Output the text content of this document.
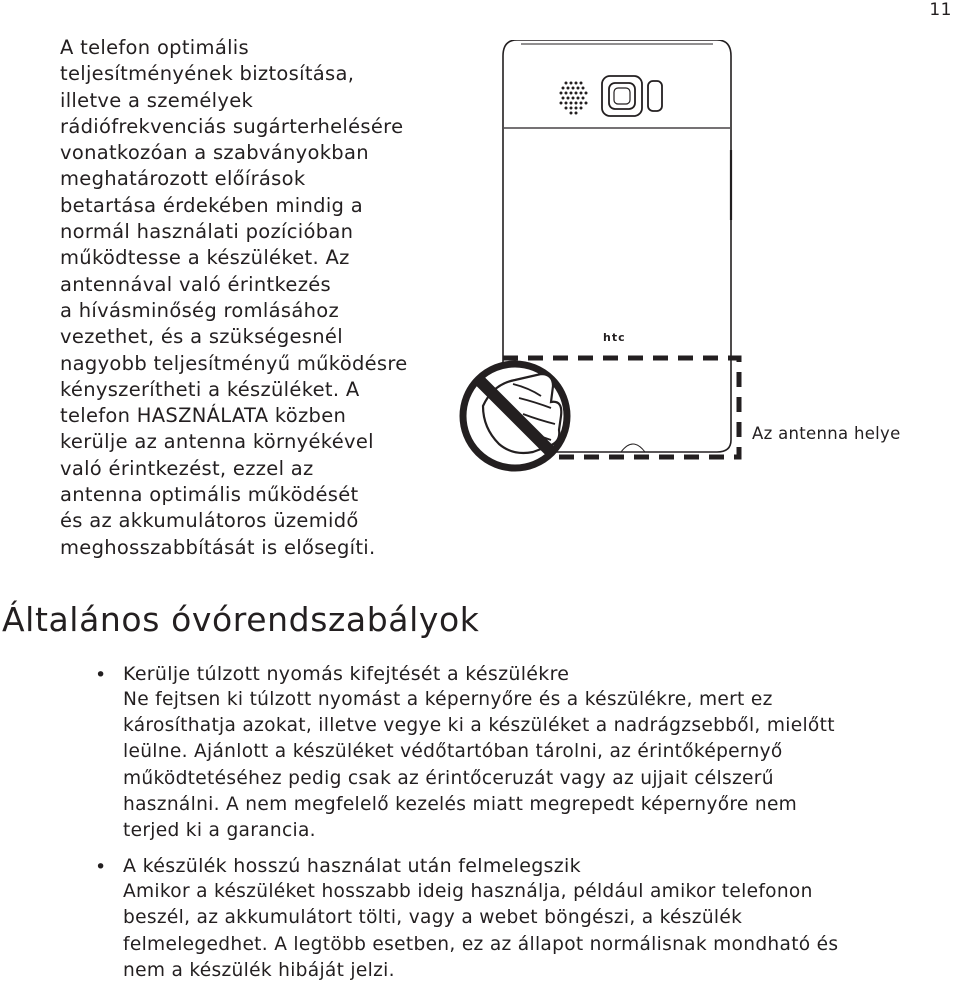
11

A telefon optimális
teljesítményének biztosítása,
illetve a személyek
rádiófrekvenciás sugárterhelésére
vonatkozóan a szabványokban
meghatározott előírások
betartása érdekében mindig a
normál használati pozícióban
működtesse a készüléket. Az
antennával való érintkezés
a hívásminőség romlásához
vezethet, és a szükségesnél
nagyobb teljesítményű működésre
kényszerítheti a készüléket. A
telefon HASZNÁLATA közben
kerülje az antenna környékével
való érintkezést, ezzel az
antenna optimális működését
és az akkumulátoros üzemidő
meghosszabbítását is elősegíti.

htc
Az antenna helye
Általános óvórendszabályok
• Kerülje túlzott nyomás kifejtését a készülékre
Ne fejtsen ki túlzott nyomást a képernyőre és a készülékre, mert ez
károsíthatja azokat, illetve vegye ki a készüléket a nadrágzsebből, mielőtt
leülne. Ajánlott a készüléket védőtartóban tárolni, az érintőképernyő
működtetéséhez pedig csak az érintőceruzát vagy az ujjait célszerű
használni. A nem megfelelő kezelés miatt megrepedt képernyőre nem
terjed ki a garancia.
• A készülék hosszú használat után felmelegszik
Amikor a készüléket hosszabb ideig használja, például amikor telefonon
beszél, az akkumulátort tölti, vagy a webet böngészi, a készülék
felmelegedhet. A legtöbb esetben, ez az állapot normálisnak mondható és
nem a készülék hibáját jelzi.
